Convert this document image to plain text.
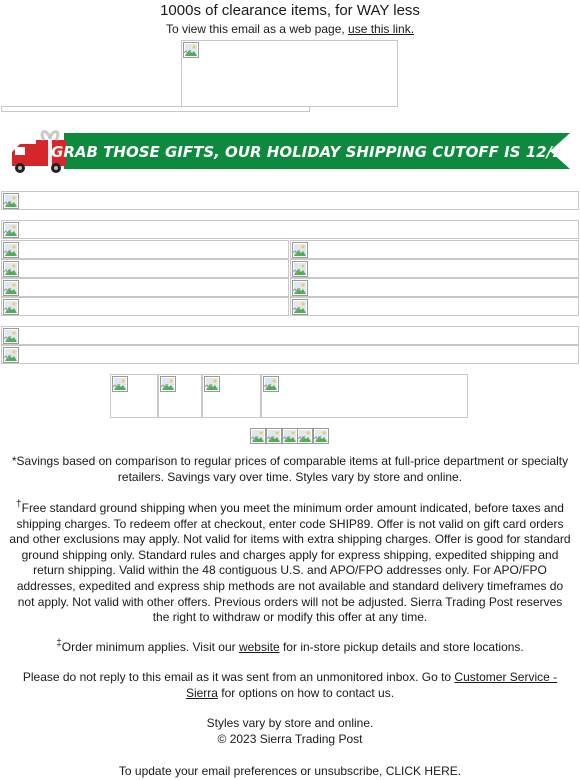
1000s of clearance items, for WAY less
To view this email as a web page, use this link.
GRAB THOSE GIFTS, OUR HOLIDAY SHIPPING CUTOFF IS 12/13
*Savings based on comparison to regular prices of comparable items at full-price department or specialty retailers. Savings vary over time. Styles vary by store and online.
†Free standard ground shipping when you meet the minimum order amount indicated, before taxes and shipping charges. To redeem offer at checkout, enter code SHIP89. Offer is not valid on gift card orders and other exclusions may apply. Not valid for items with extra shipping charges. Offer is good for standard ground shipping only. Standard rules and charges apply for express shipping, expedited shipping and return shipping. Valid within the 48 contiguous U.S. and APO/FPO addresses only. For APO/FPO addresses, expedited and express ship methods are not available and standard delivery timeframes do not apply. Not valid with other offers. Previous orders will not be adjusted. Sierra Trading Post reserves the right to withdraw or modify this offer at any time.
‡Order minimum applies. Visit our website for in-store pickup details and store locations.
Please do not reply to this email as it was sent from an unmonitored inbox. Go to Customer Service - Sierra for options on how to contact us.
Styles vary by store and online.
© 2023 Sierra Trading Post
To update your email preferences or unsubscribe, CLICK HERE.
